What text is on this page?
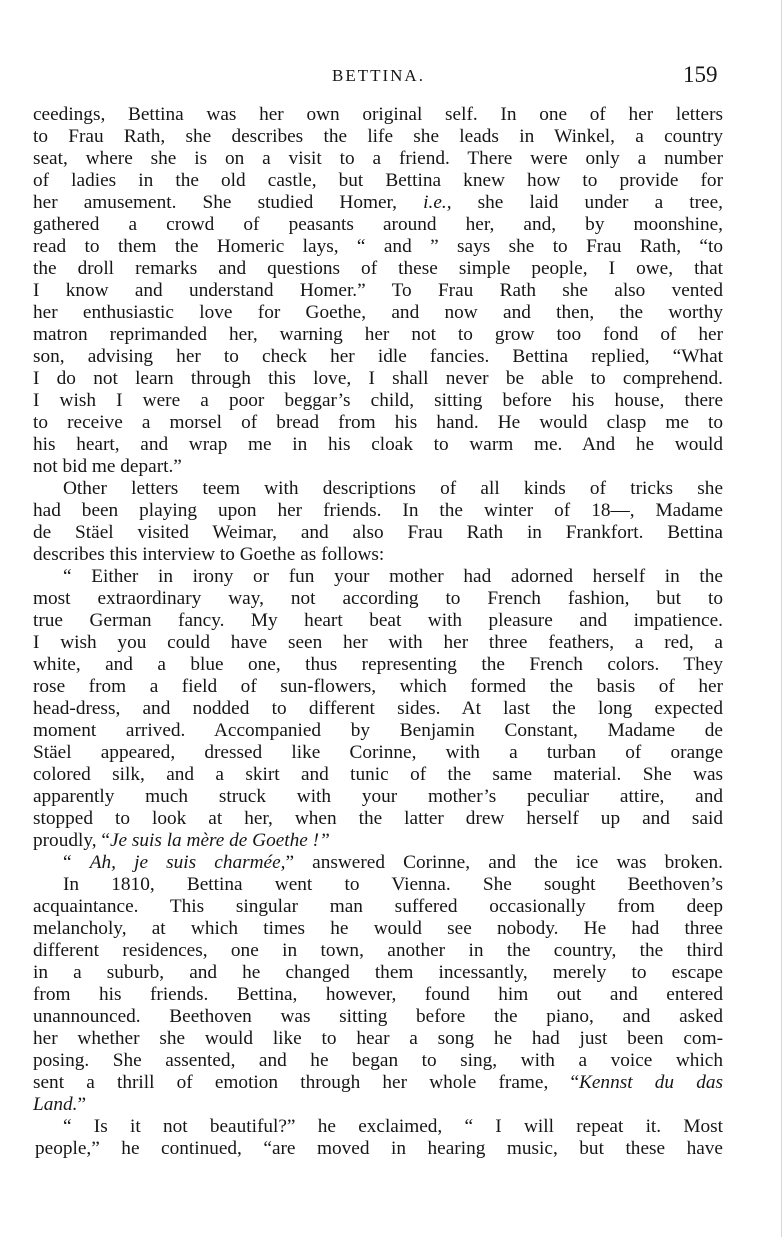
BETTINA.	159
ceedings, Bettina was her own original self. In one of her letters
to Frau Rath, she describes the life she leads in Winkel, a country
seat, where she is on a visit to a friend. There were only a number
of ladies in the old castle, but Bettina knew how to provide for
her amusement. She studied Homer, i.e., she laid under a tree,
gathered a crowd of peasants around her, and, by moonshine,
read to them the Homeric lays, “ and ” says she to Frau Rath, “to
the droll remarks and questions of these simple people, I owe, that
I know and understand Homer.” To Frau Rath she also vented
her enthusiastic love for Goethe, and now and then, the worthy
matron reprimanded her, warning her not to grow too fond of her
son, advising her to check her idle fancies. Bettina replied, “What
I do not learn through this love, I shall never be able to comprehend.
I wish I were a poor beggar’s child, sitting before his house, there
to receive a morsel of bread from his hand. He would clasp me to
his heart, and wrap me in his cloak to warm me. And he would
not bid me depart.”
Other letters teem with descriptions of all kinds of tricks she
had been playing upon her friends. In the winter of 18—, Madame
de Stäel visited Weimar, and also Frau Rath in Frankfort. Bettina
describes this interview to Goethe as follows:
“ Either in irony or fun your mother had adorned herself in the
most extraordinary way, not according to French fashion, but to
true German fancy. My heart beat with pleasure and impatience.
I wish you could have seen her with her three feathers, a red, a
white, and a blue one, thus representing the French colors. They
rose from a field of sun-flowers, which formed the basis of her
head-dress, and nodded to different sides. At last the long expected
moment arrived. Accompanied by Benjamin Constant, Madame de
Stäel appeared, dressed like Corinne, with a turban of orange
colored silk, and a skirt and tunic of the same material. She was
apparently much struck with your mother’s peculiar attire, and
stopped to look at her, when the latter drew herself up and said
proudly, “Je suis la mère de Goethe !”
“ Ah, je suis charmée,” answered Corinne, and the ice was broken.
In 1810, Bettina went to Vienna. She sought Beethoven’s
acquaintance. This singular man suffered occasionally from deep
melancholy, at which times he would see nobody. He had three
different residences, one in town, another in the country, the third
in a suburb, and he changed them incessantly, merely to escape
from his friends. Bettina, however, found him out and entered
unannounced. Beethoven was sitting before the piano, and asked
her whether she would like to hear a song he had just been com-
posing. She assented, and he began to sing, with a voice which
sent a thrill of emotion through her whole frame, “Kennst du das
Land.”
“ Is it not beautiful?” he exclaimed, “ I will repeat it. Most
people,” he continued, “are moved in hearing music, but these have
